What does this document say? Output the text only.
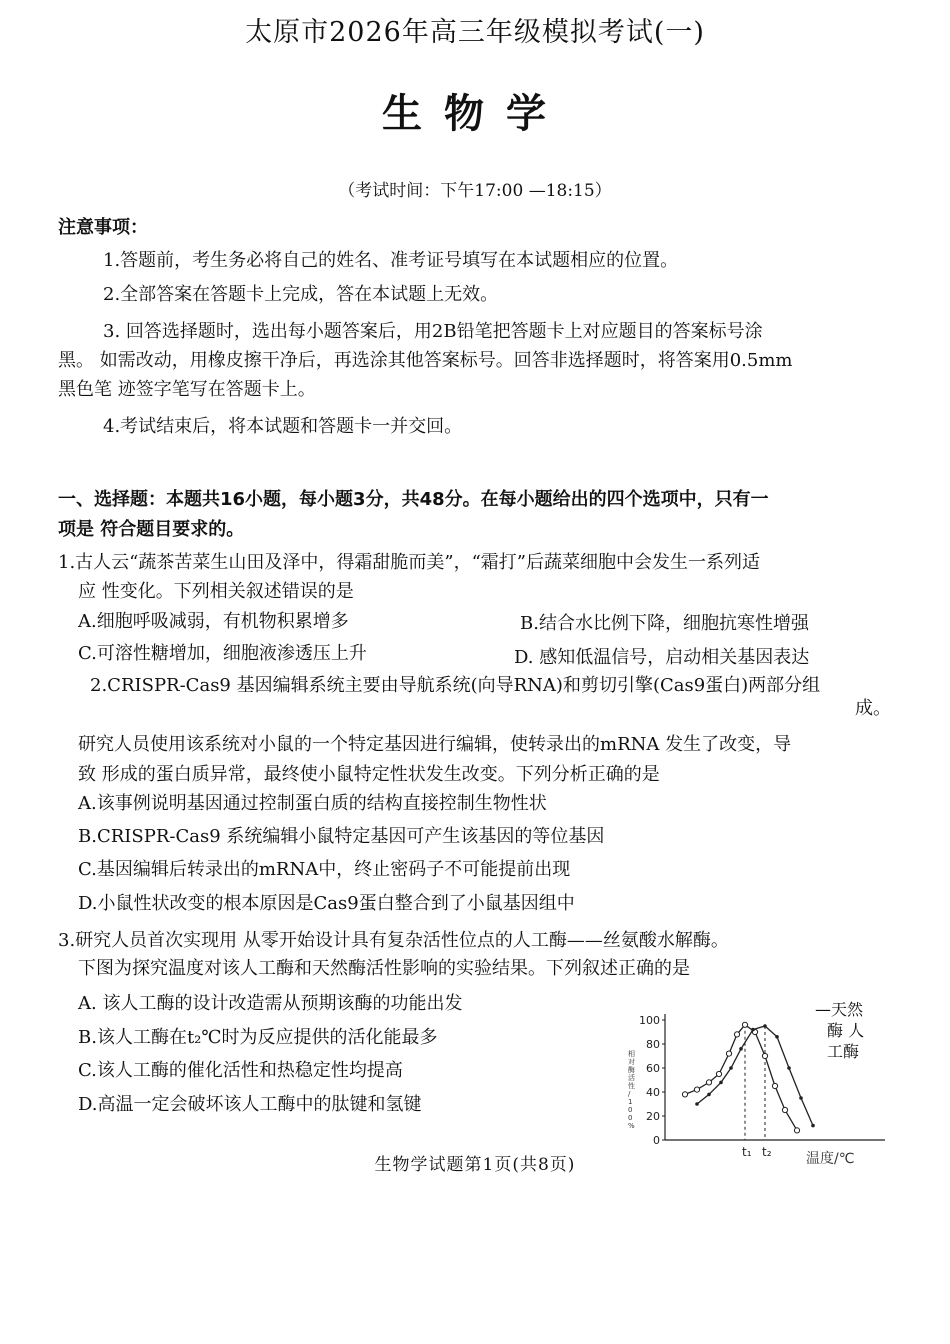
太原市2026年高三年级模拟考试(一)
生物学
（考试时间：下午17:00 —18:15）
注意事项：
1.答题前，考生务必将自己的姓名、准考证号填写在本试题相应的位置。
2.全部答案在答题卡上完成，答在本试题上无效。
3. 回答选择题时，选出每小题答案后，用2B铅笔把答题卡上对应题目的答案标号涂
黑。 如需改动，用橡皮擦干净后，再选涂其他答案标号。回答非选择题时，将答案用0.5mm
黑色笔 迹签字笔写在答题卡上。
4.考试结束后，将本试题和答题卡一并交回。
一、选择题：本题共16小题，每小题3分，共48分。在每小题给出的四个选项中，只有一
项是 符合题目要求的。
1.古人云“蔬茶苦菜生山田及泽中，得霜甜脆而美”，“霜打”后蔬菜细胞中会发生一系列适
应 性变化。下列相关叙述错误的是
A.细胞呼吸减弱，有机物积累增多	B.结合水比例下降，细胞抗寒性增强
C.可溶性糖增加，细胞液渗透压上升	D. 感知低温信号，启动相关基因表达
2.CRISPR-Cas9 基因编辑系统主要由导航系统(向导RNA)和剪切引擎(Cas9蛋白)两部分组
成。
研究人员使用该系统对小鼠的一个特定基因进行编辑，使转录出的mRNA 发生了改变，导
致 形成的蛋白质异常，最终使小鼠特定性状发生改变。下列分析正确的是
A.该事例说明基因通过控制蛋白质的结构直接控制生物性状
B.CRISPR-Cas9 系统编辑小鼠特定基因可产生该基因的等位基因
C.基因编辑后转录出的mRNA中，终止密码子不可能提前出现
D.小鼠性状改变的根本原因是Cas9蛋白整合到了小鼠基因组中
3.研究人员首次实现用 从零开始设计具有复杂活性位点的人工酶——丝氨酸水解酶。
下图为探究温度对该人工酶和天然酶活性影响的实验结果。下列叙述正确的是
A. 该人工酶的设计改造需从预期该酶的功能出发
B.该人工酶在t₂℃时为反应提供的活化能最多
C.该人工酶的催化活性和热稳定性均提高
D.高温一定会破坏该人工酶中的肽键和氢键
0
20
40
60
80
100
t₁ t₂
相对酶活性/ 1 0 0 %
温度/℃
—天然
酶 人
工酶
生物学试题第1页(共8页)
